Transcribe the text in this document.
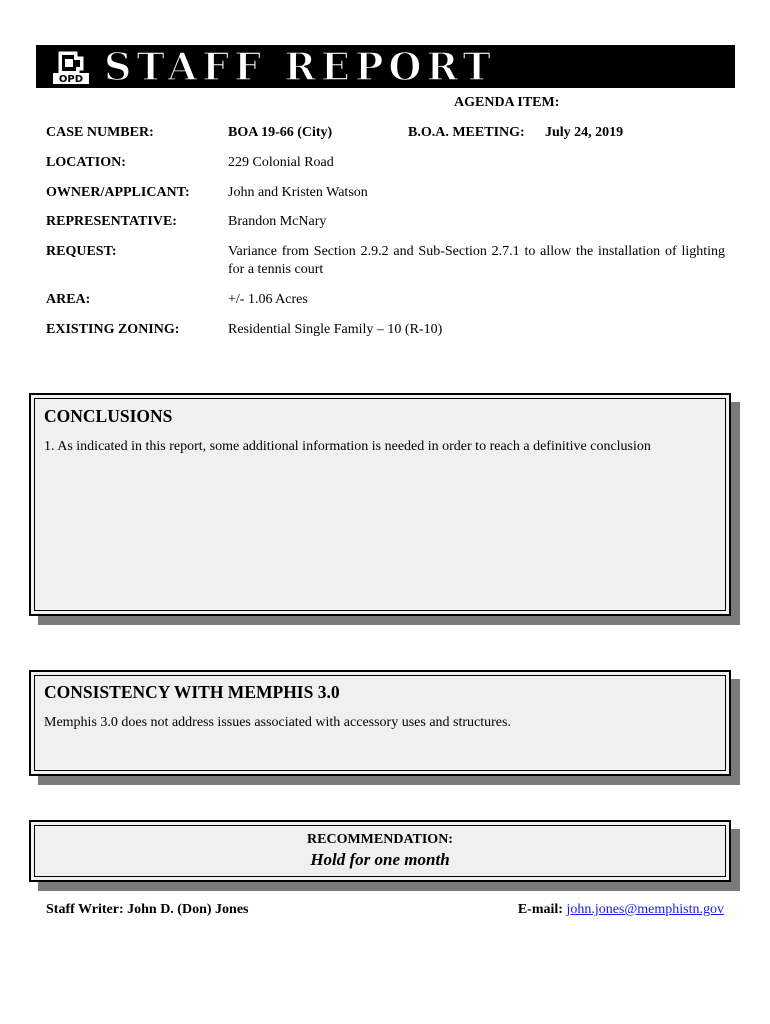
OPD STAFF REPORT
AGENDA ITEM:
CASE NUMBER:	BOA 19-66 (City)	B.O.A. MEETING: July 24, 2019
LOCATION:	229 Colonial Road
OWNER/APPLICANT:	John and Kristen Watson
REPRESENTATIVE:	Brandon McNary
REQUEST:	Variance from Section 2.9.2 and Sub-Section 2.7.1 to allow the installation of lighting for a tennis court
AREA:	+/- 1.06 Acres
EXISTING ZONING:	Residential Single Family – 10 (R-10)
CONCLUSIONS
1. As indicated in this report, some additional information is needed in order to reach a definitive conclusion
CONSISTENCY WITH MEMPHIS 3.0
Memphis 3.0 does not address issues associated with accessory uses and structures.
RECOMMENDATION:
Hold for one month
Staff Writer: John D. (Don) Jones	E-mail: john.jones@memphistn.gov
